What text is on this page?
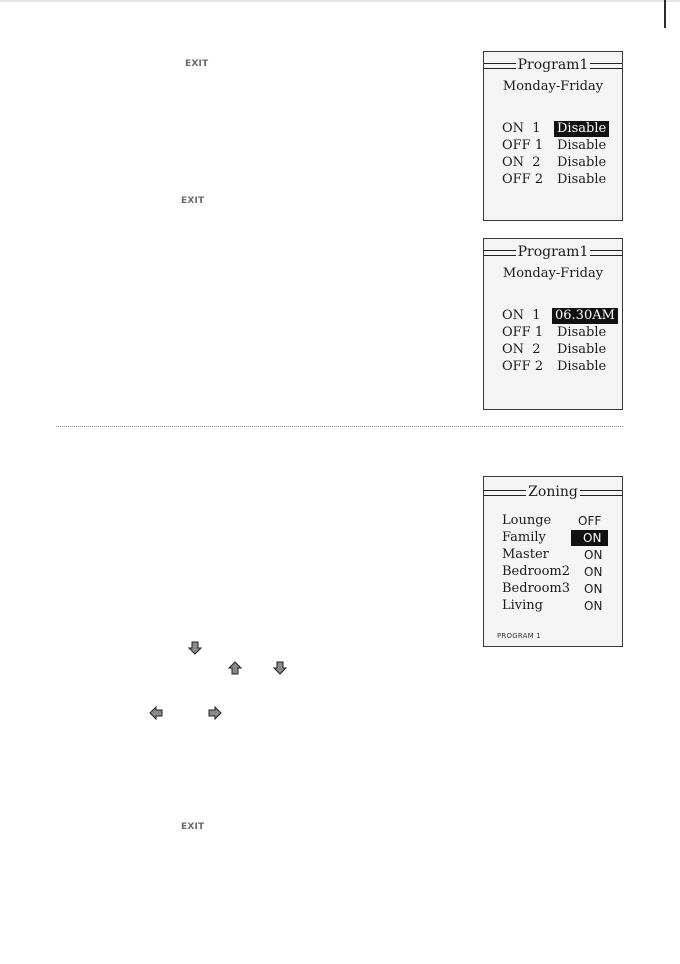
EXIT
EXIT
EXIT
Program1
Monday-Friday
ON  1 Disable
OFF 1 Disable
ON  2 Disable
OFF 2 Disable
Program1
Monday-Friday
ON  1 06.30AM
OFF 1 Disable
ON  2 Disable
OFF 2 Disable
Zoning
Lounge OFF
Family	ON
Master	ON
Bedroom2 ON
Bedroom3 ON
Living	ON
PROGRAM 1
